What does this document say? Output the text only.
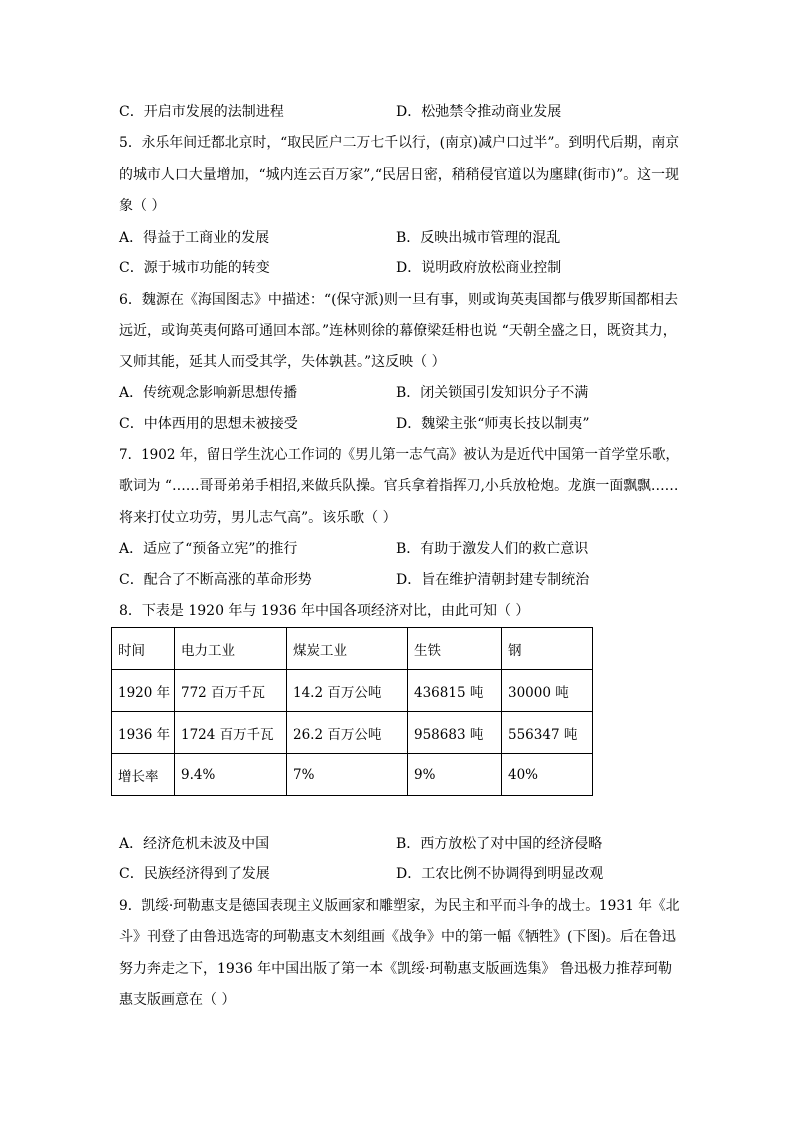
C．开启市发展的法制进程	D．松弛禁令推动商业发展
5．永乐年间迁都北京时，“取民匠户二万七千以行，(南京)减户口过半”。到明代后期，南京
的城市人口大量增加，“城内连云百万家”,“民居日密，稍稍侵官道以为廛肆(街市)”。这一现
象（ ）
A．得益于工商业的发展	B．反映出城市管理的混乱
C．源于城市功能的转变	D．说明政府放松商业控制
6．魏源在《海国图志》中描述：“(保守派)则一旦有事，则或询英夷国都与俄罗斯国都相去
远近，或询英夷何路可通回本部。”连林则徐的幕僚梁廷枏也说 “天朝全盛之日，既资其力，
又师其能，延其人而受其学，失体孰甚。”这反映（ ）
A．传统观念影响新思想传播	B．闭关锁国引发知识分子不满
C．中体西用的思想未被接受	D．魏梁主张“师夷长技以制夷”
7．1902 年，留日学生沈心工作词的《男儿第一志气高》被认为是近代中国第一首学堂乐歌，
歌词为 “……哥哥弟弟手相招,来做兵队操。官兵拿着指挥刀,小兵放枪炮。龙旗一面飘飘……
将来打仗立功劳，男儿志气高”。该乐歌（ ）
A．适应了“预备立宪”的推行	B．有助于激发人们的救亡意识
C．配合了不断高涨的革命形势	D．旨在维护清朝封建专制统治
8．下表是 1920 年与 1936 年中国各项经济对比，由此可知（ ）
时间	电力工业	煤炭工业	生铁	钢
1920 年	772 百万千瓦	14.2 百万公吨	436815 吨	30000 吨
1936 年	1724 百万千瓦	26.2 百万公吨	958683 吨	556347 吨
增长率	9.4%	7%	9%	40%
A．经济危机未波及中国	B．西方放松了对中国的经济侵略
C．民族经济得到了发展	D．工农比例不协调得到明显改观
9．凯绥·珂勒惠支是德国表现主义版画家和雕塑家，为民主和平而斗争的战士。1931 年《北
斗》刊登了由鲁迅选寄的珂勒惠支木刻组画《战争》中的第一幅《牺牲》(下图)。后在鲁迅
努力奔走之下，1936 年中国出版了第一本《凯绥·珂勒惠支版画选集》 鲁迅极力推荐珂勒
惠支版画意在（ ）
